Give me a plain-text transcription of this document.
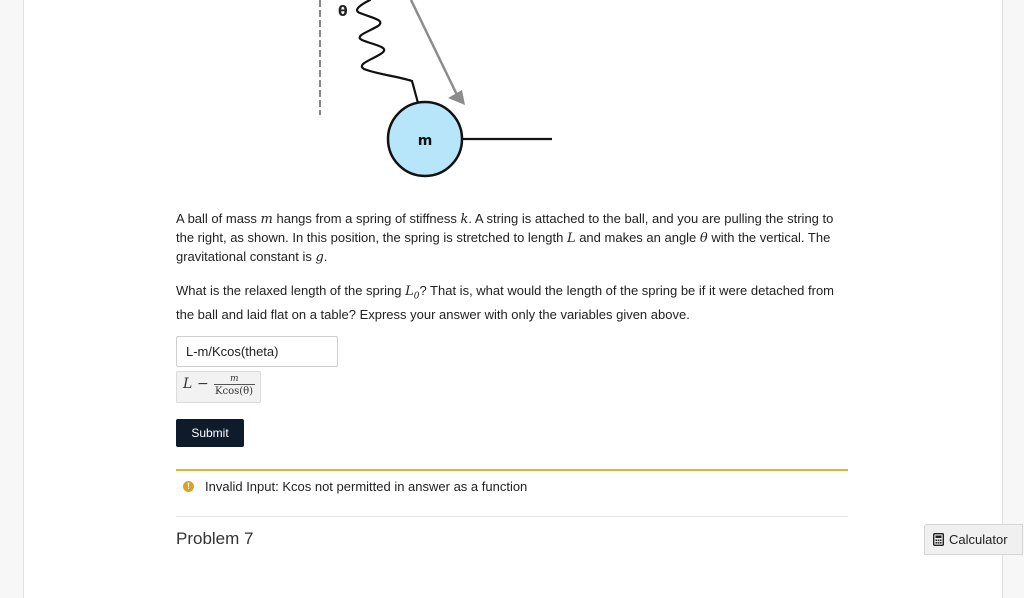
θ
m

A ball of mass m hangs from a spring of stiffness k. A string is attached to the ball, and you are pulling the string to the right, as shown. In this position, the spring is stretched to length L and makes an angle θ with the vertical. The gravitational constant is g.

What is the relaxed length of the spring $L_0$? That is, what would the length of the spring be if it were detached from the ball and laid flat on a table? Express your answer with only the variables given above.

L-m/Kcos(theta)
L − m
Kcos(θ)
Submit
!	Invalid Input: Kcos not permitted in answer as a function
Problem 7	Calculator
